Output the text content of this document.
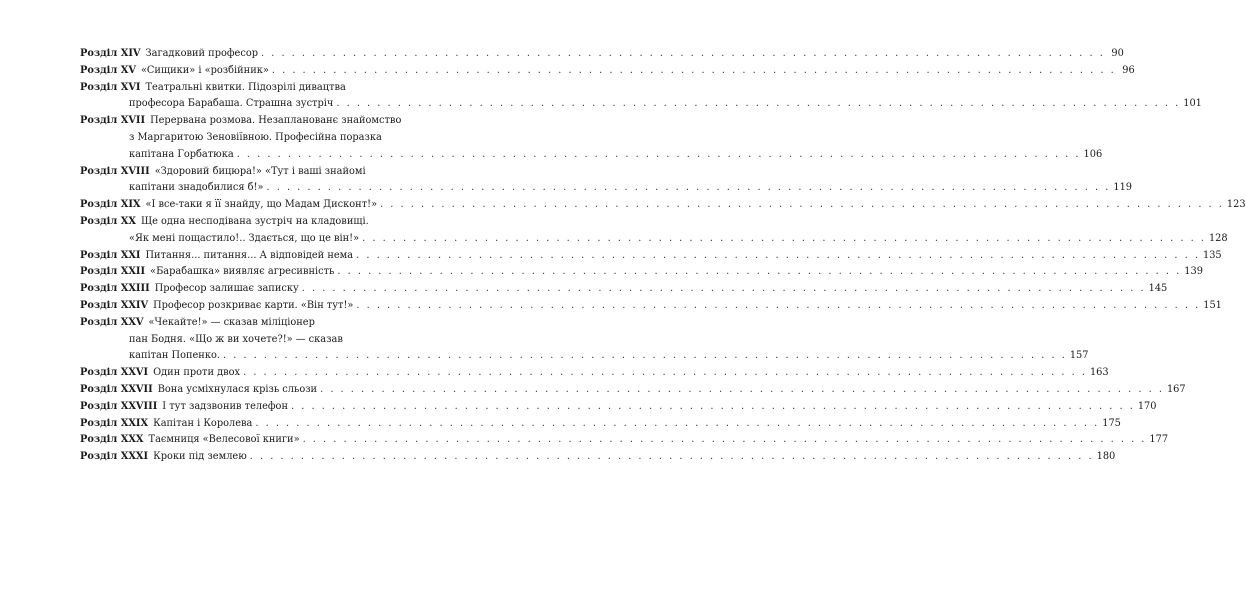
Розділ XIV Загадковий професор . . .	90
Розділ XV «Сищики» і «розбійник» . . .	96
Розділ XVI Театральні квитки. Підозрілі дивацтва
професора Барабаша. Страшна зустріч . . .	101
Розділ XVII Перервана розмова. Незапланованє знайомство
з Маргаритою Зеновіївною. Професійна поразка
капітана Горбатюка . . .	106
Розділ XVIII «Здоровий бицюра!» «Тут і ваші знайомі
капітани знадобилися б!» . . .	119
Розділ XIX «І все-таки я її знайду, що Мадам Дисконт!» . . .	123
Розділ XX Ще одна несподівана зустріч на кладовищі.
«Як мені пощастило!.. Здається, що це він!» . . .	128
Розділ XXI Питання... питання... А відповідей нема . . .	135
Розділ XXII «Барабашка» виявляє агресивність . . .	139
Розділ XXIII Професор залишає записку . . .	145
Розділ XXIV Професор розкриває карти. «Він тут!» . . .	151
Розділ XXV «Чекайте!» — сказав міліціонер
пан Бодня. «Що ж ви хочете?!» — сказав
капітан Попенко. . . .	157
Розділ XXVI Один проти двох . . .	163
Розділ XXVII Вона усміхнулася крізь сльози . . .	167
Розділ XXVIII І тут задзвонив телефон . . .	170
Розділ XXIX Капітан і Королева . . .	175
Розділ XXX Таємниця «Велесової книги» . . .	177
Розділ XXXI Кроки під землею . . .	180
